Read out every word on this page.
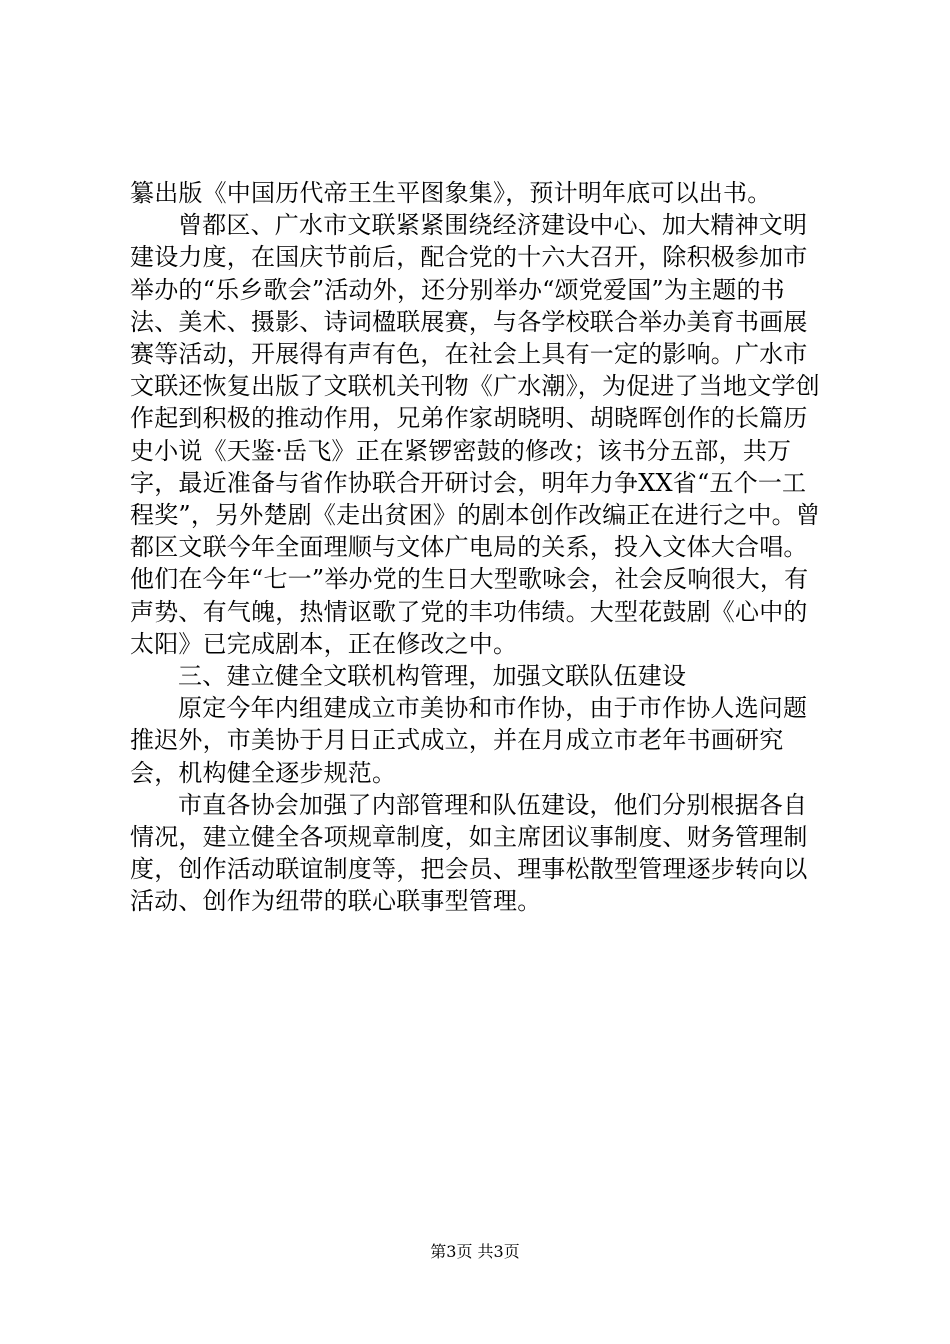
纂出版《中国历代帝王生平图象集》，预计明年底可以出书。

曾都区、广水市文联紧紧围绕经济建设中心、加大精神文明建设力度，在国庆节前后，配合党的十六大召开，除积极参加市举办的“乐乡歌会”活动外，还分别举办“颂党爱国”为主题的书法、美术、摄影、诗词楹联展赛，与各学校联合举办美育书画展赛等活动，开展得有声有色，在社会上具有一定的影响。广水市文联还恢复出版了文联机关刊物《广水潮》，为促进了当地文学创作起到积极的推动作用，兄弟作家胡晓明、胡晓晖创作的长篇历史小说《天鉴·岳飞》正在紧锣密鼓的修改；该书分五部，共万字，最近准备与省作协联合开研讨会，明年力争XX省“五个一工程奖”，另外楚剧《走出贫困》的剧本创作改编正在进行之中。曾都区文联今年全面理顺与文体广电局的关系，投入文体大合唱。他们在今年“七一”举办党的生日大型歌咏会，社会反响很大，有声势、有气魄，热情讴歌了党的丰功伟绩。大型花鼓剧《心中的太阳》已完成剧本，正在修改之中。

三、建立健全文联机构管理，加强文联队伍建设

原定今年内组建成立市美协和市作协，由于市作协人选问题推迟外，市美协于月日正式成立，并在月成立市老年书画研究会，机构健全逐步规范。

市直各协会加强了内部管理和队伍建设，他们分别根据各自情况，建立健全各项规章制度，如主席团议事制度、财务管理制度，创作活动联谊制度等，把会员、理事松散型管理逐步转向以活动、创作为纽带的联心联事型管理。

第3页 共3页
